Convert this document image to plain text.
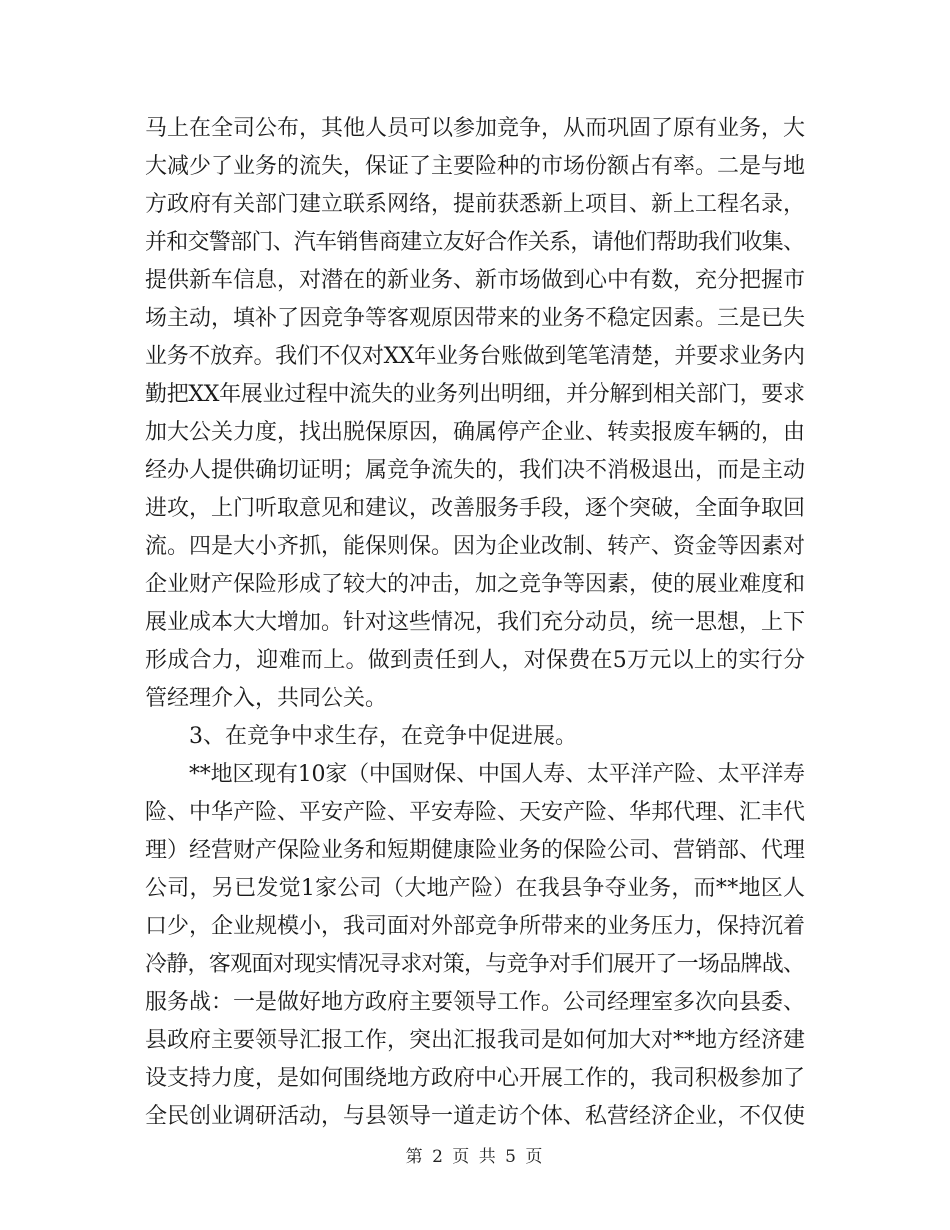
马上在全司公布，其他人员可以参加竞争，从而巩固了原有业务，大
大减少了业务的流失，保证了主要险种的市场份额占有率。二是与地
方政府有关部门建立联系网络，提前获悉新上项目、新上工程名录，
并和交警部门、汽车销售商建立友好合作关系，请他们帮助我们收集、
提供新车信息，对潜在的新业务、新市场做到心中有数，充分把握市
场主动，填补了因竞争等客观原因带来的业务不稳定因素。三是已失
业务不放弃。我们不仅对XX年业务台账做到笔笔清楚，并要求业务内
勤把XX年展业过程中流失的业务列出明细，并分解到相关部门，要求
加大公关力度，找出脱保原因，确属停产企业、转卖报废车辆的，由
经办人提供确切证明；属竞争流失的，我们决不消极退出，而是主动
进攻，上门听取意见和建议，改善服务手段，逐个突破，全面争取回
流。四是大小齐抓，能保则保。因为企业改制、转产、资金等因素对
企业财产保险形成了较大的冲击，加之竞争等因素，使的展业难度和
展业成本大大增加。针对这些情况，我们充分动员，统一思想，上下
形成合力，迎难而上。做到责任到人，对保费在5万元以上的实行分
管经理介入，共同公关。
3、在竞争中求生存，在竞争中促进展。
**地区现有10家（中国财保、中国人寿、太平洋产险、太平洋寿
险、中华产险、平安产险、平安寿险、天安产险、华邦代理、汇丰代
理）经营财产保险业务和短期健康险业务的保险公司、营销部、代理
公司，另已发觉1家公司（大地产险）在我县争夺业务，而**地区人
口少，企业规模小，我司面对外部竞争所带来的业务压力，保持沉着
冷静，客观面对现实情况寻求对策，与竞争对手们展开了一场品牌战、
服务战：一是做好地方政府主要领导工作。公司经理室多次向县委、
县政府主要领导汇报工作，突出汇报我司是如何加大对**地方经济建
设支持力度，是如何围绕地方政府中心开展工作的，我司积极参加了
全民创业调研活动，与县领导一道走访个体、私营经济企业，不仅使
第 2 页 共 5 页
